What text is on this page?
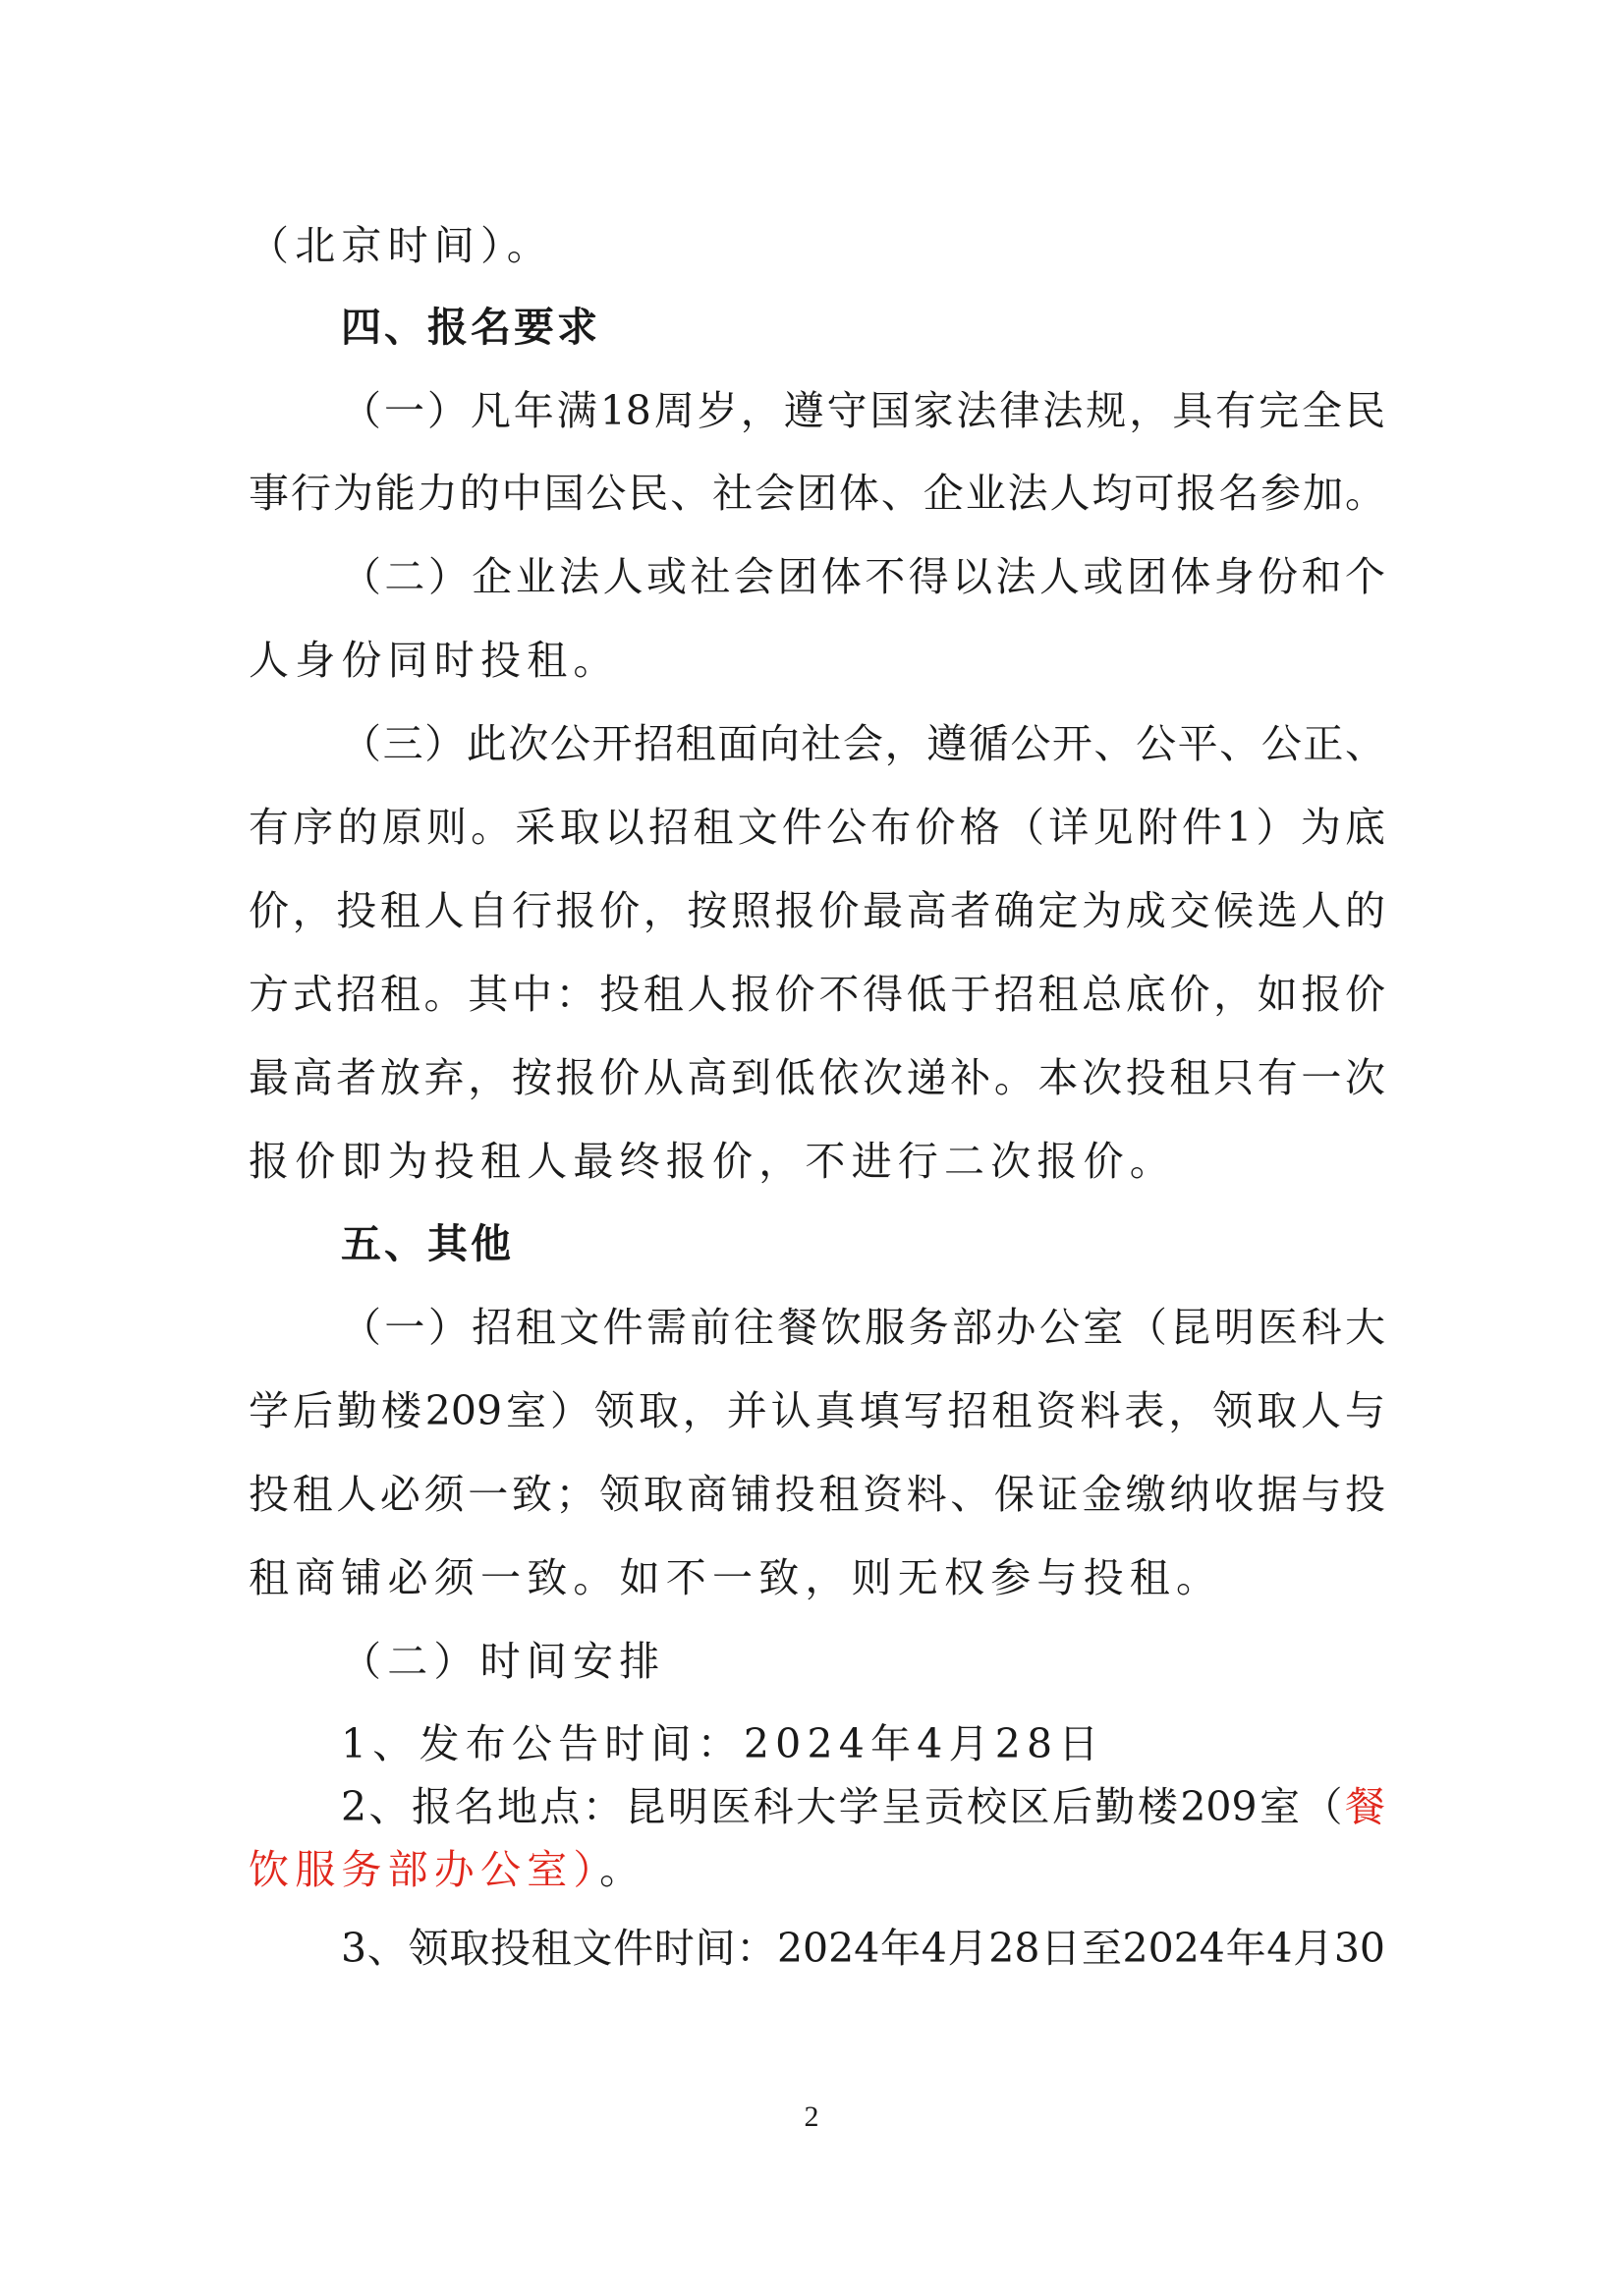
（北京时间）。
四、报名要求
（一）凡年满18周岁，遵守国家法律法规，具有完全民
事行为能力的中国公民、社会团体、企业法人均可报名参加。
（二）企业法人或社会团体不得以法人或团体身份和个
人身份同时投租。
（三）此次公开招租面向社会，遵循公开、公平、公正、
有序的原则。采取以招租文件公布价格（详见附件1）为底
价，投租人自行报价，按照报价最高者确定为成交候选人的
方式招租。其中：投租人报价不得低于招租总底价，如报价
最高者放弃，按报价从高到低依次递补。本次投租只有一次
报价即为投租人最终报价，不进行二次报价。
五、其他
（一）招租文件需前往餐饮服务部办公室（昆明医科大
学后勤楼209室）领取，并认真填写招租资料表，领取人与
投租人必须一致；领取商铺投租资料、保证金缴纳收据与投
租商铺必须一致。如不一致，则无权参与投租。
（二）时间安排
1、发布公告时间：2024年4月28日
2、报名地点：昆明医科大学呈贡校区后勤楼209室（餐
饮服务部办公室）。
3、领取投租文件时间：2024年4月28日至2024年4月30
2
